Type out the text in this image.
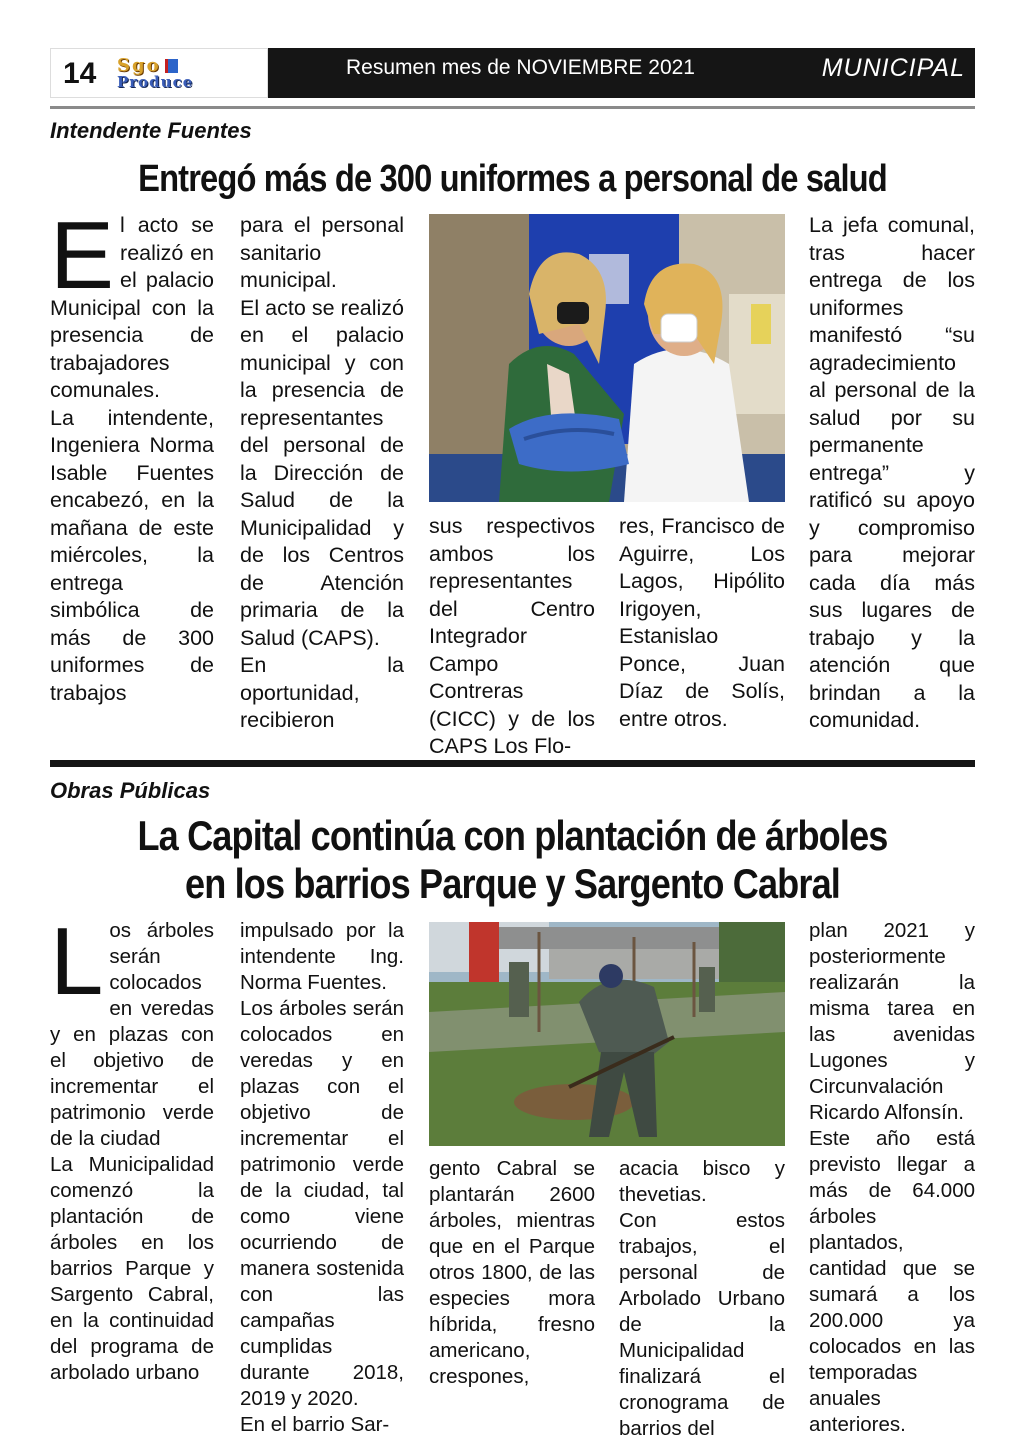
14 Sgo
Produce
Resumen mes de NOVIEMBRE 2021	MUNICIPAL
Intendente Fuentes
Entregó más de 300 uniformes a personal de salud

El acto se realizó en el palacio Municipal con la presencia de trabajadores comunales.

La intendente, Ingeniera Norma Isable Fuentes encabezó, en la mañana de este miércoles, la entrega simbólica de más de 300 uniformes de trabajos

para el personal sanitario municipal.

El acto se realizó en el palacio municipal y con la presencia de representantes del personal de la Dirección de Salud de la Municipalidad y de los Centros de Atención primaria de la Salud (CAPS).

En la oportunidad, recibieron

sus respectivos ambos los representantes del Centro Integrador Campo Contreras (CICC) y de los CAPS Los Flo-

res, Francisco de Aguirre, Los Lagos, Hipólito Irigoyen, Estanislao Ponce, Juan Díaz de Solís, entre otros.

La jefa comunal, tras hacer entrega de los uniformes manifestó “su agradecimiento al personal de la salud por su permanente entrega” y ratificó su apoyo y compromiso para mejorar cada día más sus lugares de trabajo y la atención que brindan a la comunidad.

Obras Públicas
La Capital continúa con plantación de árboles
en los barrios Parque y Sargento Cabral

Los árboles serán colocados en veredas y en plazas con el objetivo de incrementar el patrimonio verde de la ciudad

La Municipalidad comenzó la plantación de árboles en los barrios Parque y Sargento Cabral, en la continuidad del programa de arbolado urbano

impulsado por la intendente Ing. Norma Fuentes.

Los árboles serán colocados en veredas y en plazas con el objetivo de incrementar el patrimonio verde de la ciudad, tal como viene ocurriendo de manera sostenida con las campañas cumplidas durante 2018, 2019 y 2020.

En el barrio Sar-

gento Cabral se plantarán 2600 árboles, mientras que en el Parque otros 1800, de las especies mora híbrida, fresno americano, crespones,

acacia bisco y thevetias.

Con estos trabajos, el personal de Arbolado Urbano de la Municipalidad finalizará el cronograma de barrios del

plan 2021 y posteriormente realizarán la misma tarea en las avenidas Lugones y Circunvalación Ricardo Alfonsín.

Este año está previsto llegar a más de 64.000 árboles plantados, cantidad que se sumará a los 200.000 ya colocados en las temporadas anuales anteriores.
